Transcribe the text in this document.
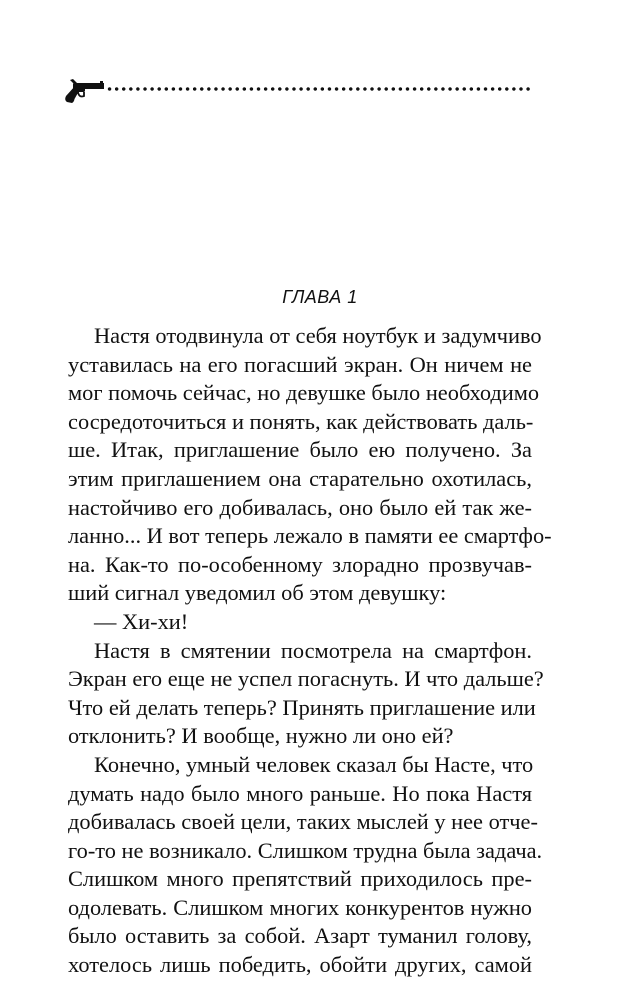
ГЛАВА 1
Настя отодвинула от себя ноутбук и задумчиво
уставилась на его погасший экран. Он ничем не
мог помочь сейчас, но девушке было необходимо
сосредоточиться и понять, как действовать даль-
ше. Итак, приглашение было ею получено. За
этим приглашением она старательно охотилась,
настойчиво его добивалась, оно было ей так же-
ланно... И вот теперь лежало в памяти ее смартфо-
на. Как-то по-особенному злорадно прозвучав-
ший сигнал уведомил об этом девушку:
— Хи-хи!
Настя в смятении посмотрела на смартфон.
Экран его еще не успел погаснуть. И что дальше?
Что ей делать теперь? Принять приглашение или
отклонить? И вообще, нужно ли оно ей?
Конечно, умный человек сказал бы Насте, что
думать надо было много раньше. Но пока Настя
добивалась своей цели, таких мыслей у нее отче-
го-то не возникало. Слишком трудна была задача.
Слишком много препятствий приходилось пре-
одолевать. Слишком многих конкурентов нужно
было оставить за собой. Азарт туманил голову,
хотелось лишь победить, обойти других, самой
